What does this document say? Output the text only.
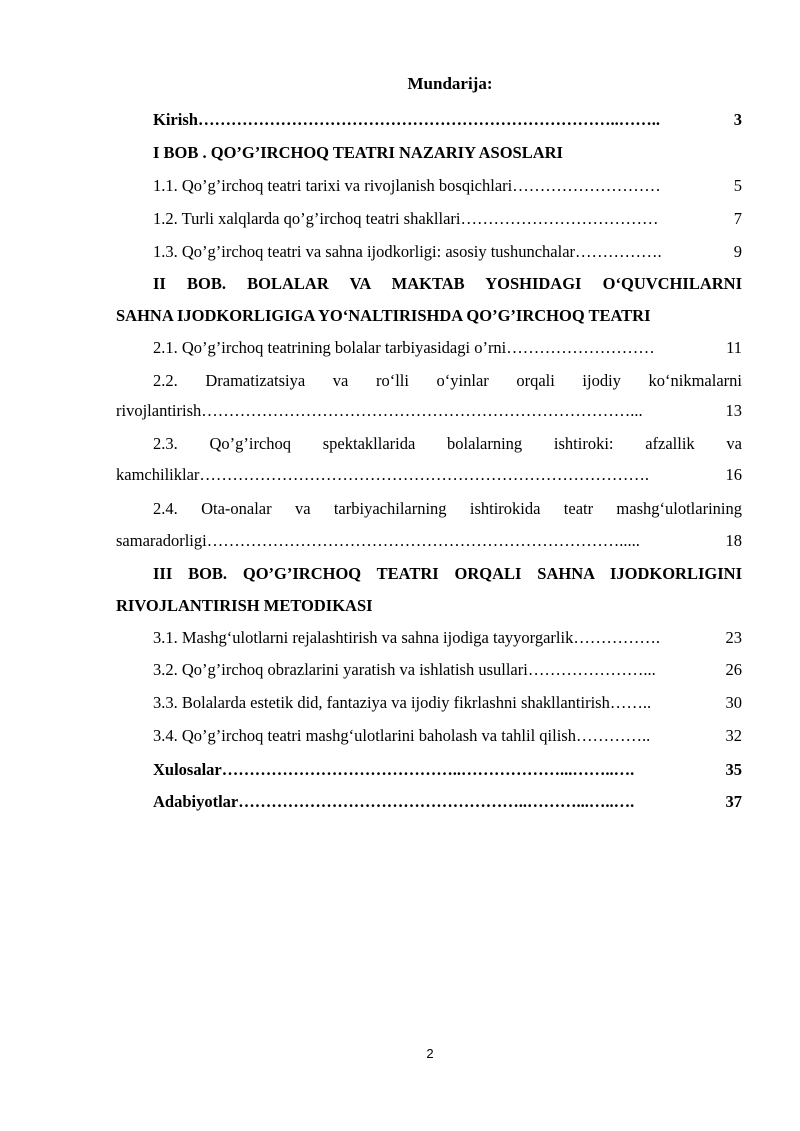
Mundarija:
Kirish …………………………………………………………………..……..	3
I BOB . QO’G’IRCHOQ TEATRI NAZARIY ASOSLARI
1.1. Qo’g’irchoq teatri tarixi va rivojlanish bosqichlari ………………………	5
1.2. Turli xalqlarda qo’g’irchoq teatri shakllari ………………………………	7
1.3. Qo’g’irchoq teatri va sahna ijodkorligi: asosiy tushunchalar …………….	9
II BOB. BOLALAR VA MAKTAB YOSHIDAGI O‘QUVCHILARNI
SAHNA IJODKORLIGIGA YO‘NALTIRISHDA QO’G’IRCHOQ TEATRI
2.1. Qo’g’irchoq teatrining bolalar tarbiyasidagi o’rni ………………………	11
2.2. Dramatizatsiya va ro‘lli o‘yinlar orqali ijodiy ko‘nikmalarni
rivojlantirish ……………………………………………………………………...	13
2.3. Qo’g’irchoq spektakllarida bolalarning ishtiroki: afzallik va
kamchiliklar ……………………………………………………………………….	16
2.4. Ota-onalar va tarbiyachilarning ishtirokida teatr mashg‘ulotlarining
samaradorligi ………………………………………………………………….....	18
III BOB. QO’G’IRCHOQ TEATRI ORQALI SAHNA IJODKORLIGINI
RIVOJLANTIRISH METODIKASI
3.1. Mashg‘ulotlarni rejalashtirish va sahna ijodiga tayyorgarlik …………….	23
3.2. Qo’g’irchoq obrazlarini yaratish va ishlatish usullari …………………...	26
3.3. Bolalarda estetik did, fantaziya va ijodiy fikrlashni shakllantirish ……..	30
3.4. Qo’g’irchoq teatri mashg‘ulotlarini baholash va tahlil qilish …………..	32
Xulosalar ……………………………………..………………...……..….	35
Adabiyotlar ……………………………………………..………...…..….	37
2
